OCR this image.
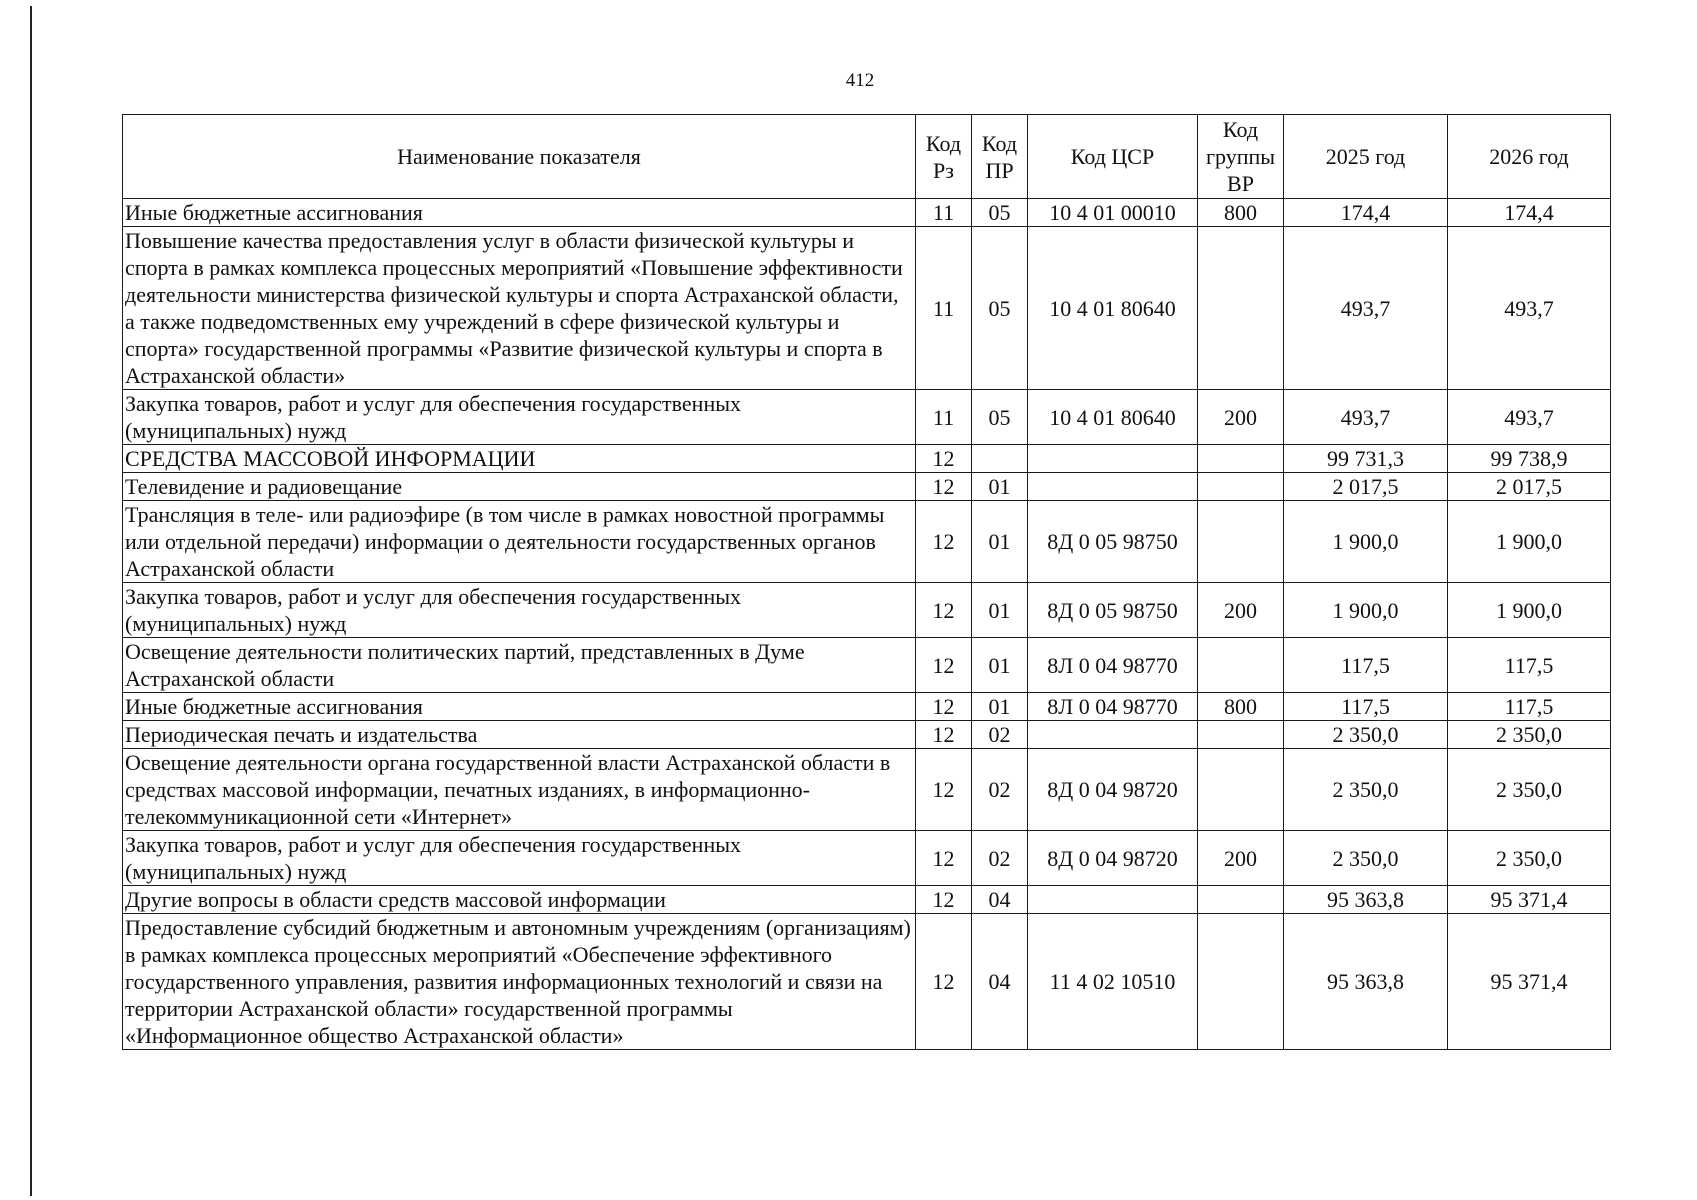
412
Наименование показателя	Код Рз	Код ПР	Код ЦСР	Код группы ВР	2025 год	2026 год
Иные бюджетные ассигнования	11	05	10 4 01 00010	800	174,4	174,4
Повышение качества предоставления услуг в области физической культуры и спорта в рамках комплекса процессных мероприятий «Повышение эффективности деятельности министерства физической культуры и спорта Астраханской области, а также подведомственных ему учреждений в сфере физической культуры и спорта» государственной программы «Развитие физической культуры и спорта в Астраханской области»	11	05	10 4 01 80640		493,7	493,7
Закупка товаров, работ и услуг для обеспечения государственных (муниципальных) нужд	11	05	10 4 01 80640	200	493,7	493,7
СРЕДСТВА МАССОВОЙ ИНФОРМАЦИИ	12				99 731,3	99 738,9
Телевидение и радиовещание	12	01			2 017,5	2 017,5
Трансляция в теле- или радиоэфире (в том числе в рамках новостной программы или отдельной передачи) информации о деятельности государственных органов Астраханской области	12	01	8Д 0 05 98750		1 900,0	1 900,0
Закупка товаров, работ и услуг для обеспечения государственных (муниципальных) нужд	12	01	8Д 0 05 98750	200	1 900,0	1 900,0
Освещение деятельности политических партий, представленных в Думе Астраханской области	12	01	8Л 0 04 98770		117,5	117,5
Иные бюджетные ассигнования	12	01	8Л 0 04 98770	800	117,5	117,5
Периодическая печать и издательства	12	02			2 350,0	2 350,0
Освещение деятельности органа государственной власти Астраханской области в средствах массовой информации, печатных изданиях, в информационно-телекоммуникационной сети «Интернет»	12	02	8Д 0 04 98720		2 350,0	2 350,0
Закупка товаров, работ и услуг для обеспечения государственных (муниципальных) нужд	12	02	8Д 0 04 98720	200	2 350,0	2 350,0
Другие вопросы в области средств массовой информации	12	04			95 363,8	95 371,4
Предоставление субсидий бюджетным и автономным учреждениям (организациям) в рамках комплекса процессных мероприятий «Обеспечение эффективного государственного управления, развития информационных технологий и связи на территории Астраханской области» государственной программы «Информационное общество Астраханской области»	12	04	11 4 02 10510		95 363,8	95 371,4
